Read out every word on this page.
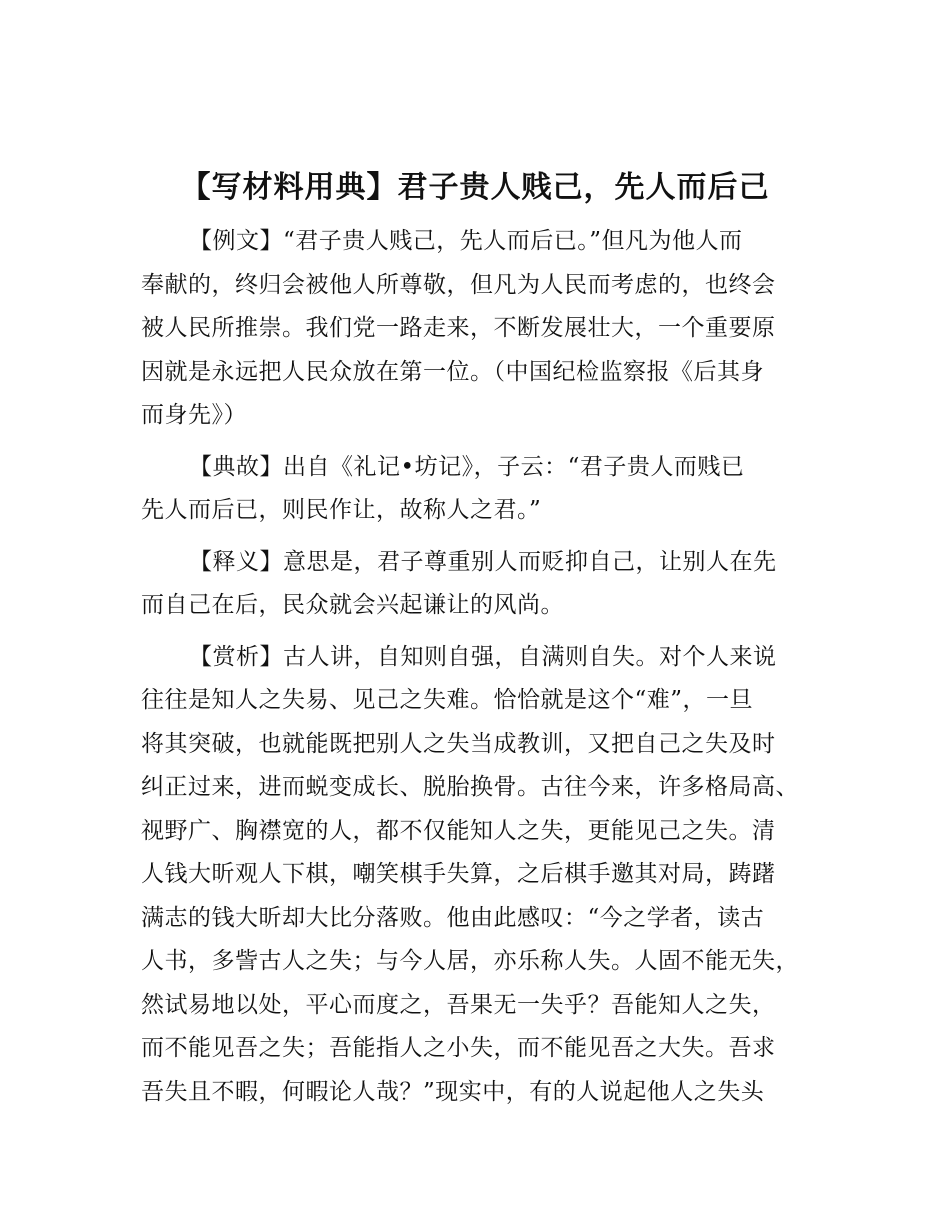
【写材料用典】君子贵人贱己，先人而后己
【例文】“君子贵人贱己，先人而后已。”但凡为他人而
奉献的，终归会被他人所尊敬，但凡为人民而考虑的，也终会
被人民所推崇。我们党一路走来，不断发展壮大，一个重要原
因就是永远把人民众放在第一位。（中国纪检监察报《后其身
而身先》）
【典故】出自《礼记•坊记》，子云：“君子贵人而贱已
先人而后已，则民作让，故称人之君。”
【释义】意思是，君子尊重别人而贬抑自己，让别人在先
而自己在后，民众就会兴起谦让的风尚。
【赏析】古人讲，自知则自强，自满则自失。对个人来说
往往是知人之失易、见己之失难。恰恰就是这个“难”，一旦
将其突破，也就能既把别人之失当成教训，又把自己之失及时
纠正过来，进而蜕变成长、脱胎换骨。古往今来，许多格局高、
视野广、胸襟宽的人，都不仅能知人之失，更能见己之失。清
人钱大昕观人下棋，嘲笑棋手失算，之后棋手邀其对局，踌躇
满志的钱大昕却大比分落败。他由此感叹：“今之学者，读古
人书，多訾古人之失；与今人居，亦乐称人失。人固不能无失，
然试易地以处，平心而度之，吾果无一失乎？吾能知人之失，
而不能见吾之失；吾能指人之小失，而不能见吾之大失。吾求
吾失且不暇，何暇论人哉？”现实中，有的人说起他人之失头
